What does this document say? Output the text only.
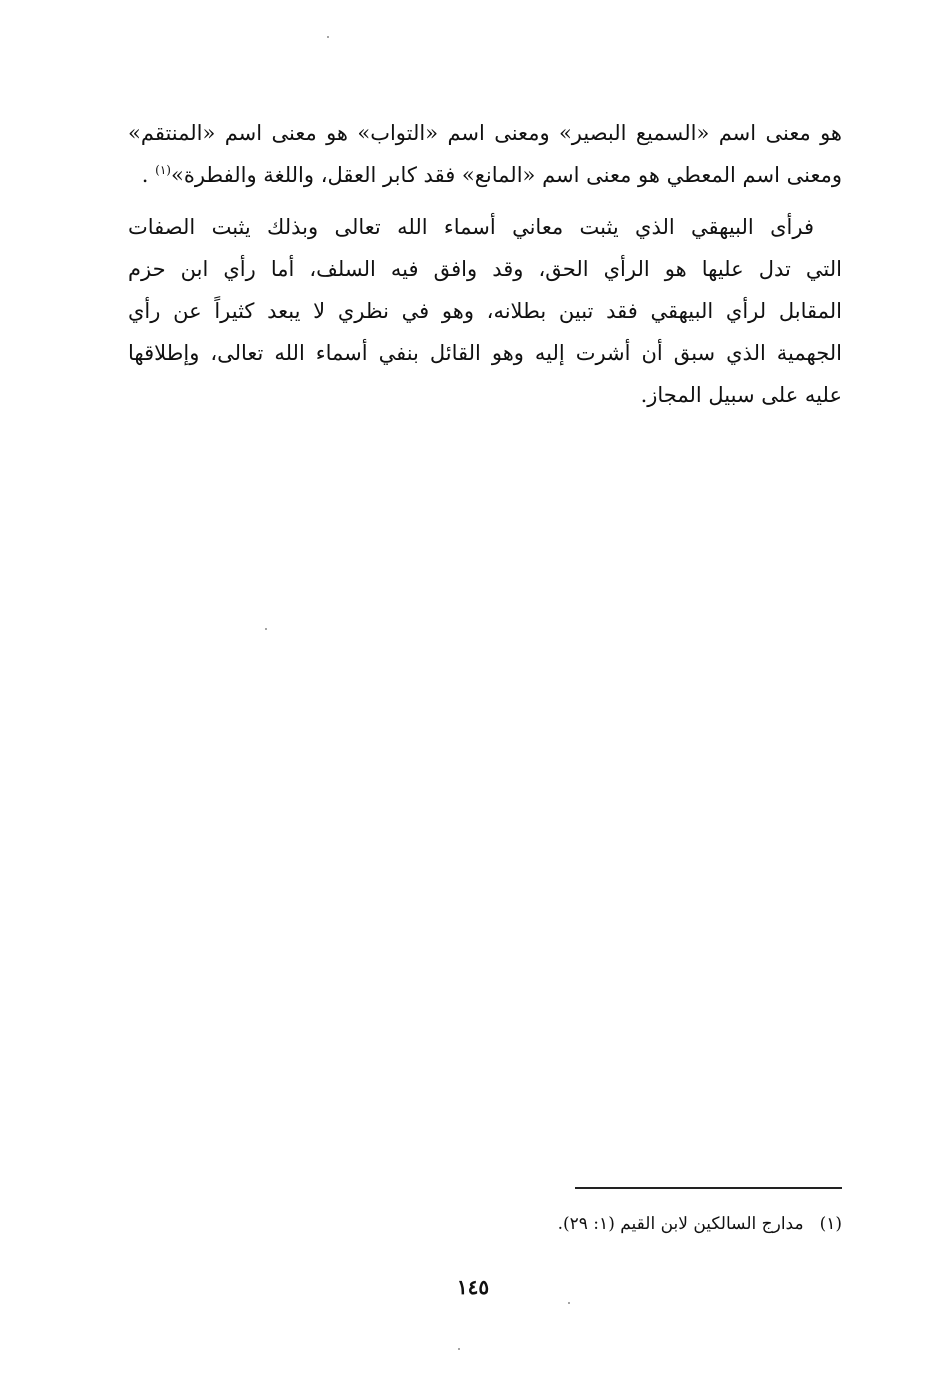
هو معنى اسم «السميع البصير» ومعنى اسم «التواب» هو معنى اسم «المنتقم»
ومعنى اسم المعطي هو معنى اسم «المانع» فقد كابر العقل، واللغة والفطرة»$^{(١)}$ .
فرأى البيهقي الذي يثبت معاني أسماء الله تعالى وبذلك يثبت الصفات
التي تدل عليها هو الرأي الحق، وقد وافق فيه السلف، أما رأي ابن حزم
المقابل لرأي البيهقي فقد تبين بطلانه، وهو في نظري لا يبعد كثيراً عن رأي
الجهمية الذي سبق أن أشرت إليه وهو القائل بنفي أسماء الله تعالى، وإطلاقها
عليه على سبيل المجاز.
(١)مدارج السالكين لابن القيم (١: ٢٩).
١٤٥
